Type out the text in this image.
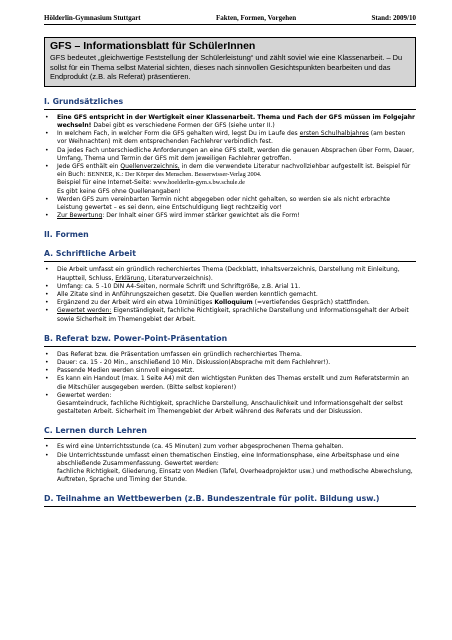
Hölderlin-Gymnasium Stuttgart	Fakten, Formen, Vorgehen	Stand: 2009/10
GFS – Informationsblatt für SchülerInnen
GFS bedeutet „gleichwertige Feststellung der Schülerleistung“ und zählt soviel wie eine Klassenarbeit. – Du sollst für ein Thema selbst Material sichten, dieses nach sinnvollen Gesichtspunkten bearbeiten und das Endprodukt (z.B. als Referat) präsentieren.
I. Grundsätzliches
• Eine GFS entspricht in der Wertigkeit einer Klassenarbeit. Thema und Fach der GFS müssen im Folgejahr wechseln! Dabei gibt es verschiedene Formen der GFS (siehe unter II.)
• In welchem Fach, in welcher Form die GFS gehalten wird, legst Du im Laufe des ersten Schulhalbjahres (am besten vor Weihnachten) mit dem entsprechenden Fachlehrer verbindlich fest.
• Da jedes Fach unterschiedliche Anforderungen an eine GFS stellt, werden die genauen Absprachen über Form, Dauer, Umfang, Thema und Termin der GFS mit dem jeweiligen Fachlehrer getroffen.
• Jede GFS enthält ein Quellenverzeichnis, in dem die verwendete Literatur nachvollziehbar aufgestellt ist. Beispiel für ein Buch: BENNER, K.: Der Körper des Menschen. Besserwisser-Verlag 2004.
Beispiel für eine Internet-Seite: www.hoelderlin-gym.s.bw.schule.de
Es gibt keine GFS ohne Quellenangaben!
• Werden GFS zum vereinbarten Termin nicht abgegeben oder nicht gehalten, so werden sie als nicht erbrachte Leistung gewertet – es sei denn, eine Entschuldigung liegt rechtzeitig vor!
• Zur Bewertung: Der Inhalt einer GFS wird immer stärker gewichtet als die Form!
II. Formen
A. Schriftliche Arbeit
• Die Arbeit umfasst ein gründlich recherchiertes Thema (Deckblatt, Inhaltsverzeichnis, Darstellung mit Einleitung, Hauptteil, Schluss, Erklärung, Literaturverzeichnis).
• Umfang: ca. 5 -10 DIN A4-Seiten, normale Schrift und Schriftgröße, z.B. Arial 11.
• Alle Zitate sind in Anführungszeichen gesetzt. Die Quellen werden kenntlich gemacht.
• Ergänzend zu der Arbeit wird ein etwa 10minütiges Kolloquium (=vertiefendes Gespräch) stattfinden.
• Gewertet werden: Eigenständigkeit, fachliche Richtigkeit, sprachliche Darstellung und Informationsgehalt der Arbeit sowie Sicherheit im Themengebiet der Arbeit.
B. Referat bzw. Power-Point-Präsentation
• Das Referat bzw. die Präsentation umfassen ein gründlich recherchiertes Thema.
• Dauer: ca. 15 - 20 Min., anschließend 10 Min. Diskussion(Absprache mit dem Fachlehrer!).
• Passende Medien werden sinnvoll eingesetzt.
• Es kann ein Handout (max. 1 Seite A4) mit den wichtigsten Punkten des Themas erstellt und zum Referatstermin an die Mitschüler ausgegeben werden. (Bitte selbst kopieren!)
• Gewertet werden:
Gesamteindruck, fachliche Richtigkeit, sprachliche Darstellung, Anschaulichkeit und Informationsgehalt der selbst gestalteten Arbeit. Sicherheit im Themengebiet der Arbeit während des Referats und der Diskussion.
C. Lernen durch Lehren
• Es wird eine Unterrichtsstunde (ca. 45 Minuten) zum vorher abgesprochenen Thema gehalten.
• Die Unterrichtsstunde umfasst einen thematischen Einstieg, eine Informationsphase, eine Arbeitsphase und eine abschließende Zusammenfassung. Gewertet werden:
fachliche Richtigkeit, Gliederung, Einsatz von Medien (Tafel, Overheadprojektor usw.) und methodische Abwechslung, Auftreten, Sprache und Timing der Stunde.
D. Teilnahme an Wettbewerben (z.B. Bundeszentrale für polit. Bildung usw.)
